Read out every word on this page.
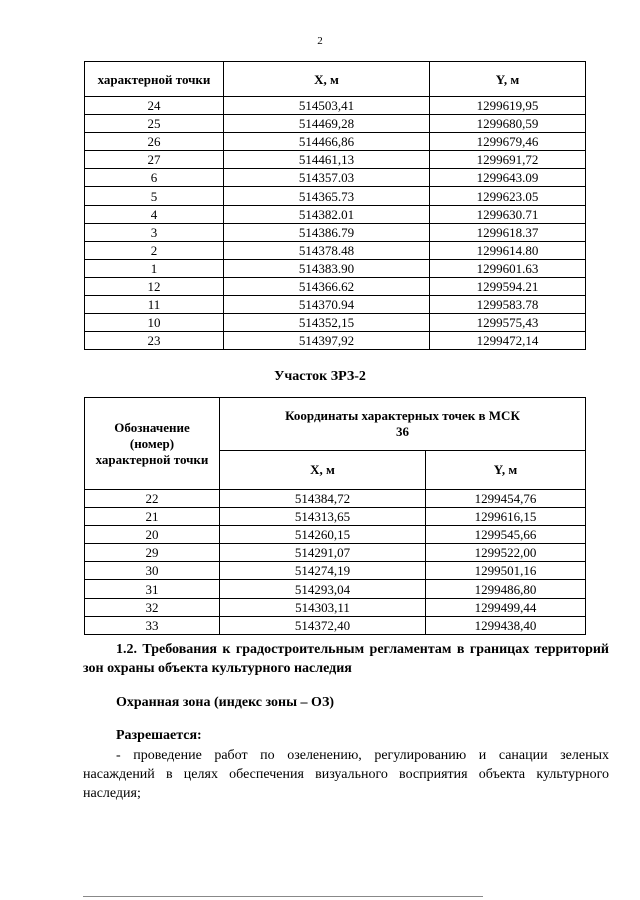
2
характерной точки	X, м	Y, м
24	514503,41	1299619,95
25	514469,28	1299680,59
26	514466,86	1299679,46
27	514461,13	1299691,72
6	514357.03	1299643.09
5	514365.73	1299623.05
4	514382.01	1299630.71
3	514386.79	1299618.37
2	514378.48	1299614.80
1	514383.90	1299601.63
12	514366.62	1299594.21
11	514370.94	1299583.78
10	514352,15	1299575,43
23	514397,92	1299472,14
Участок ЗРЗ-2
Обозначение (номер) характерной точки	Координаты характерных точек в МСК 36	
	X, м	Y, м
22	514384,72	1299454,76
21	514313,65	1299616,15
20	514260,15	1299545,66
29	514291,07	1299522,00
30	514274,19	1299501,16
31	514293,04	1299486,80
32	514303,11	1299499,44
33	514372,40	1299438,40
1.2. Требования к градостроительным регламентам в границах территорий зон охраны объекта культурного наследия
Охранная зона (индекс зоны – ОЗ)
Разрешается:
- проведение работ по озеленению, регулированию и санации зеленых насаждений в целях обеспечения визуального восприятия объекта культурного наследия;
